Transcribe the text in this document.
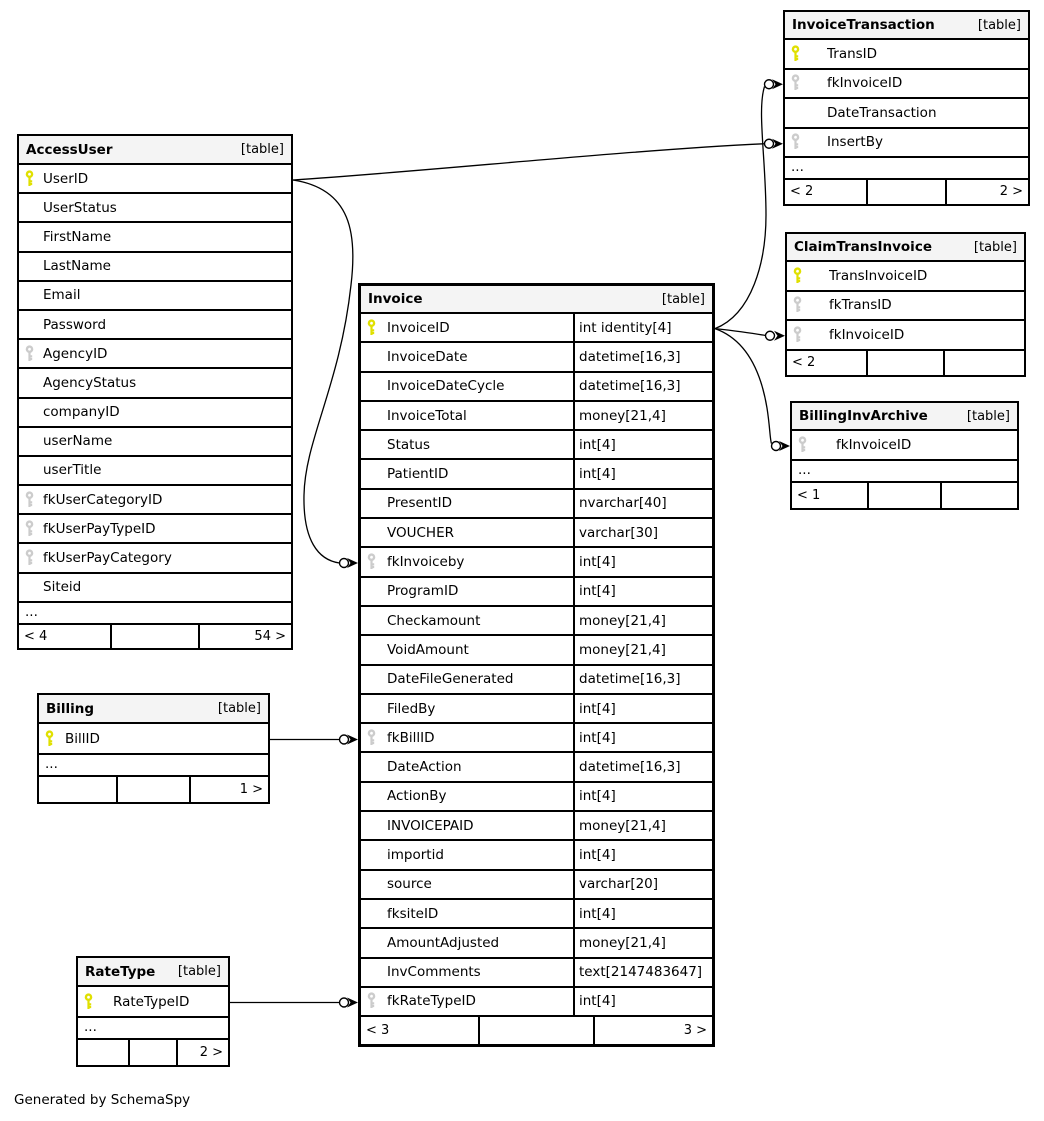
AccessUser	[table]
UserID
UserStatus
FirstName
LastName
Email
Password
AgencyID
AgencyStatus
companyID
userName
userTitle
fkUserCategoryID
fkUserPayTypeID
fkUserPayCategory
Siteid
...
< 4	54 >
Invoice	[table]
InvoiceID	int identity[4]
InvoiceDate	datetime[16,3]
InvoiceDateCycle	datetime[16,3]
InvoiceTotal	money[21,4]
Status	int[4]
PatientID	int[4]
PresentID	nvarchar[40]
VOUCHER	varchar[30]
fkInvoiceby	int[4]
ProgramID	int[4]
Checkamount	money[21,4]
VoidAmount	money[21,4]
DateFileGenerated	datetime[16,3]
FiledBy	int[4]
fkBillID	int[4]
DateAction	datetime[16,3]
ActionBy	int[4]
INVOICEPAID	money[21,4]
importid	int[4]
source	varchar[20]
fksiteID	int[4]
AmountAdjusted	money[21,4]
InvComments	text[2147483647]
fkRateTypeID	int[4]
< 3	3 >
InvoiceTransaction	[table]
TransID
fkInvoiceID
DateTransaction
InsertBy
...
< 2	2 >
ClaimTransInvoice	[table]
TransInvoiceID
fkTransID
fkInvoiceID
< 2
BillingInvArchive	[table]
fkInvoiceID
...
< 1
Billing	[table]
BillID
...
1 >
RateType [table]
RateTypeID
...
2 >
Generated by SchemaSpy
